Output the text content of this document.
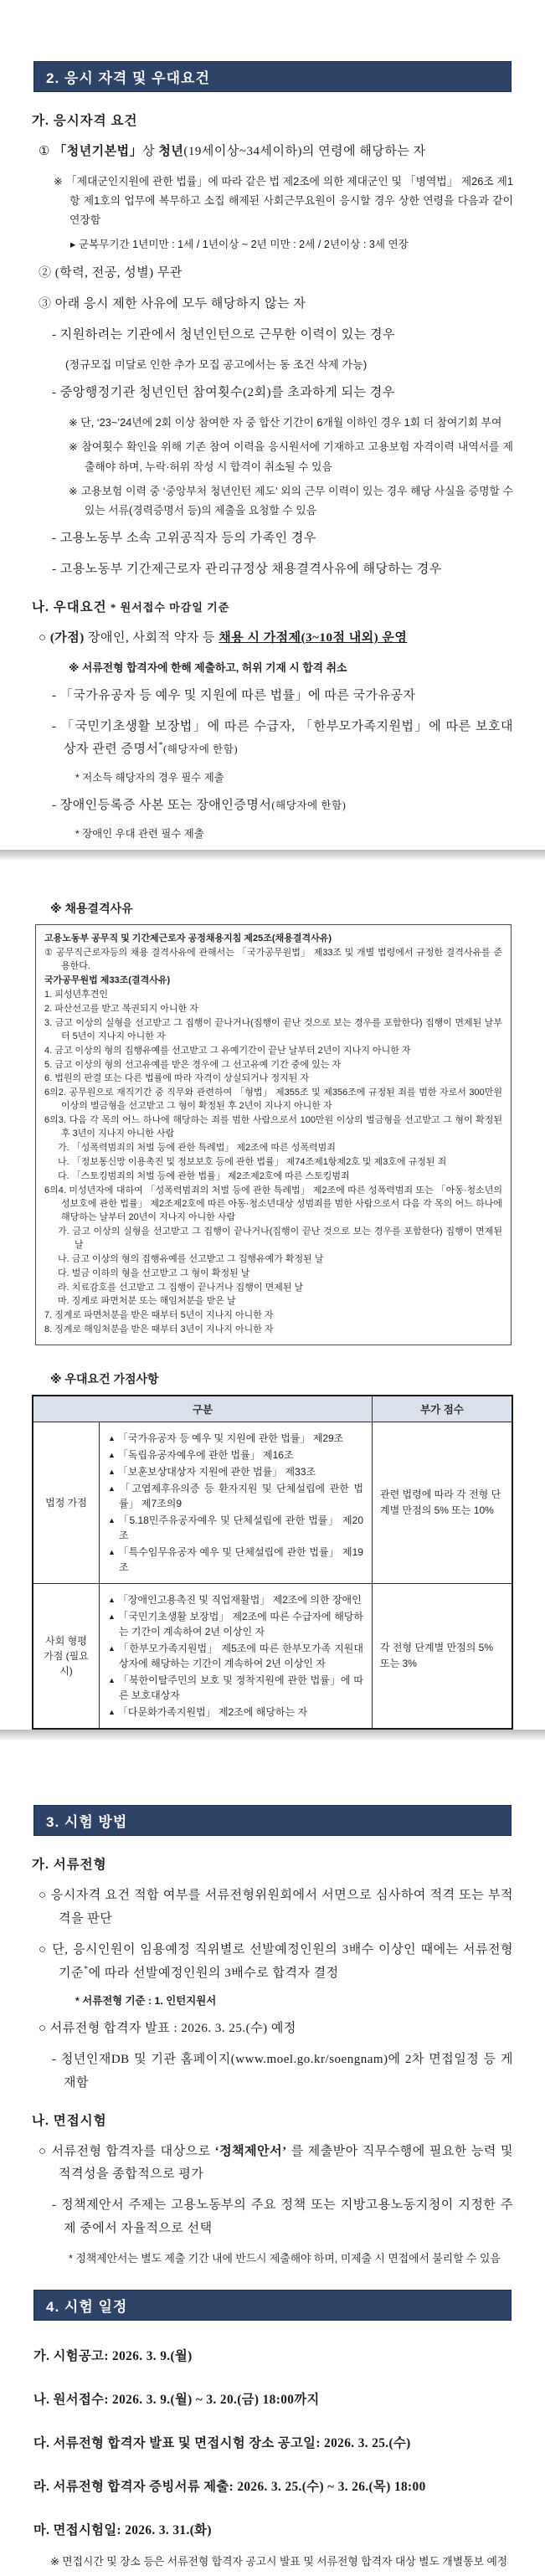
2. 응시 자격 및 우대요건
가. 응시자격 요건
① 「청년기본법」상 청년(19세이상~34세이하)의 연령에 해당하는 자
※ 「제대군인지원에 관한 법률」에 따라 같은 법 제2조에 의한 제대군인 및 「병역법」 제26조 제1항 제1호의 업무에 복무하고 소집 해제된 사회근무요원이 응시할 경우 상한 연령을 다음과 같이 연장함
▸ 군복무기간 1년미만 : 1세 / 1년이상 ~ 2년 미만 : 2세 / 2년이상 : 3세 연장
② (학력, 전공, 성별) 무관
③ 아래 응시 제한 사유에 모두 해당하지 않는 자
- 지원하려는 기관에서 청년인턴으로 근무한 이력이 있는 경우
(정규모집 미달로 인한 추가 모집 공고에서는 동 조건 삭제 가능)
- 중앙행정기관 청년인턴 참여횟수(2회)를 초과하게 되는 경우
※ 단, ‘23~’24년에 2회 이상 참여한 자 중 합산 기간이 6개월 이하인 경우 1회 더 참여기회 부여
※ 참여횟수 확인을 위해 기존 참여 이력을 응시원서에 기재하고 고용보험 자격이력 내역서를 제출해야 하며, 누락·허위 작성 시 합격이 취소될 수 있음
※ 고용보험 이력 중 ‘중앙부처 청년인턴 제도’ 외의 근무 이력이 있는 경우 해당 사실을 증명할 수 있는 서류(경력증명서 등)의 제출을 요청할 수 있음
- 고용노동부 소속 고위공직자 등의 가족인 경우
- 고용노동부 기간제근로자 관리규정상 채용결격사유에 해당하는 경우
나. 우대요건 * 원서접수 마감일 기준
○ (가점) 장애인, 사회적 약자 등 채용 시 가점제(3~10점 내외) 운영
※ 서류전형 합격자에 한해 제출하고, 허위 기재 시 합격 취소
- 「국가유공자 등 예우 및 지원에 따른 법률」에 따른 국가유공자
- 「국민기초생활 보장법」에 따른 수급자, 「한부모가족지원법」에 따른 보호대상자 관련 증명서*(해당자에 한함)
* 저소득 해당자의 경우 필수 제출
- 장애인등록증 사본 또는 장애인증명서(해당자에 한함)
* 장애인 우대 관련 필수 제출
※ 채용결격사유
고용노동부 공무직 및 기간제근로자 공정채용지침 제25조(채용결격사유)
① 공무직근로자등의 채용 결격사유에 관해서는 「국가공무원법」 제33조 및 개별 법령에서 규정한 결격사유를 준용한다.
국가공무원법 제33조(결격사유)
1. 피성년후견인
2. 파산선고를 받고 복권되지 아니한 자
3. 금고 이상의 실형을 선고받고 그 집행이 끝나거나(집행이 끝난 것으로 보는 경우를 포함한다) 집행이 면제된 날부터 5년이 지나지 아니한 자
4. 금고 이상의 형의 집행유예를 선고받고 그 유예기간이 끝난 날부터 2년이 지나지 아니한 자
5. 금고 이상의 형의 선고유예를 받은 경우에 그 선고유예 기간 중에 있는 자
6. 법원의 판결 또는 다른 법률에 따라 자격이 상실되거나 정지된 자
6의2. 공무원으로 재직기간 중 직무와 관련하여 「형법」 제355조 및 제356조에 규정된 죄를 범한 자로서 300만원 이상의 벌금형을 선고받고 그 형이 확정된 후 2년이 지나지 아니한 자
6의3. 다음 각 목의 어느 하나에 해당하는 죄를 범한 사람으로서 100만원 이상의 벌금형을 선고받고 그 형이 확정된 후 3년이 지나지 아니한 사람
가. 「성폭력범죄의 처벌 등에 관한 특례법」 제2조에 따른 성폭력범죄
나. 「정보통신망 이용촉진 및 정보보호 등에 관한 법률」 제74조제1항제2호 및 제3호에 규정된 죄
다. 「스토킹범죄의 처벌 등에 관한 법률」 제2조제2호에 따른 스토킹범죄
6의4. 미성년자에 대하여 「성폭력범죄의 처벌 등에 관한 특례법」 제2조에 따른 성폭력범죄 또는 「아동·청소년의 성보호에 관한 법률」 제2조제2호에 따른 아동·청소년대상 성범죄를 범한 사람으로서 다음 각 목의 어느 하나에 해당하는 날부터 20년이 지나지 아니한 사람
가. 금고 이상의 실형을 선고받고 그 집행이 끝나거나(집행이 끝난 것으로 보는 경우를 포함한다) 집행이 면제된 날
나. 금고 이상의 형의 집행유예를 선고받고 그 집행유예가 확정된 날
다. 벌금 이하의 형을 선고받고 그 형이 확정된 날
라. 치료감호를 선고받고 그 집행이 끝나거나 집행이 면제된 날
마. 징계로 파면처분 또는 해임처분을 받은 날
7. 징계로 파면처분을 받은 때부터 5년이 지나지 아니한 자
8. 징계로 해임처분을 받은 때부터 3년이 지나지 아니한 자
※ 우대요건 가점사항
구분		부가 점수
법정 가점	
▲ 「국가유공자 등 예우 및 지원에 관한 법률」 제29조
▲ 「독립유공자예우에 관한 법률」 제16조
▲ 「보훈보상대상자 지원에 관한 법률」 제33조
▲ 「고엽제후유의증 등 환자지원 및 단체설립에 관한 법률」 제7조의9
▲ 「5.18민주유공자예우 및 단체설립에 관한 법률」 제20조
▲ 「특수임무유공자 예우 및 단체설립에 관한 법률」 제19조
	관련 법령에 따라 각 전형 단계별 만점의 5% 또는 10%
사회 형평 가점 (필요시)	▲ 「장애인고용촉진 및 직업재활법」 제2조에 의한 장애인
▲ 「국민기초생활 보장법」 제2조에 따른 수급자에 해당하는 기간이 계속하여 2년 이상인 자
▲ 「한부모가족지원법」 제5조에 따른 한부모가족 지원대상자에 해당하는 기간이 계속하여 2년 이상인 자
▲ 「북한이탈주민의 보호 및 정착지원에 관한 법률」에 따른 보호대상자
▲ 「다문화가족지원법」 제2조에 해당하는 자	각 전형 단계별 만점의 5% 또는 3%
3. 시험 방법
가. 서류전형
○ 응시자격 요건 적합 여부를 서류전형위원회에서 서면으로 심사하여 적격 또는 부적격을 판단
○ 단, 응시인원이 임용예정 직위별로 선발예정인원의 3배수 이상인 때에는 서류전형 기준*에 따라 선발예정인원의 3배수로 합격자 결정
* 서류전형 기준 : 1. 인턴지원서
○ 서류전형 합격자 발표 : 2026. 3. 25.(수) 예정
- 청년인재DB 및 기관 홈페이지(www.moel.go.kr/soengnam)에 2차 면접일정 등 게재함
나. 면접시험
○ 서류전형 합격자를 대상으로 ‘정책제안서’ 를 제출받아 직무수행에 필요한 능력 및 적격성을 종합적으로 평가
- 정책제안서 주제는 고용노동부의 주요 정책 또는 지방고용노동지청이 지정한 주제 중에서 자율적으로 선택
* 정책제안서는 별도 제출 기간 내에 반드시 제출해야 하며, 미제출 시 면접에서 불리할 수 있음
4. 시험 일정
가. 시험공고: 2026. 3. 9.(월)
나. 원서접수: 2026. 3. 9.(월) ~ 3. 20.(금) 18:00까지
다. 서류전형 합격자 발표 및 면접시험 장소 공고일: 2026. 3. 25.(수)
라. 서류전형 합격자 증빙서류 제출: 2026. 3. 25.(수) ~ 3. 26.(목) 18:00
마. 면접시험일: 2026. 3. 31.(화)
※ 면접시간 및 장소 등은 서류전형 합격자 공고시 발표 및 서류전형 합격자 대상 별도 개별통보 예정
